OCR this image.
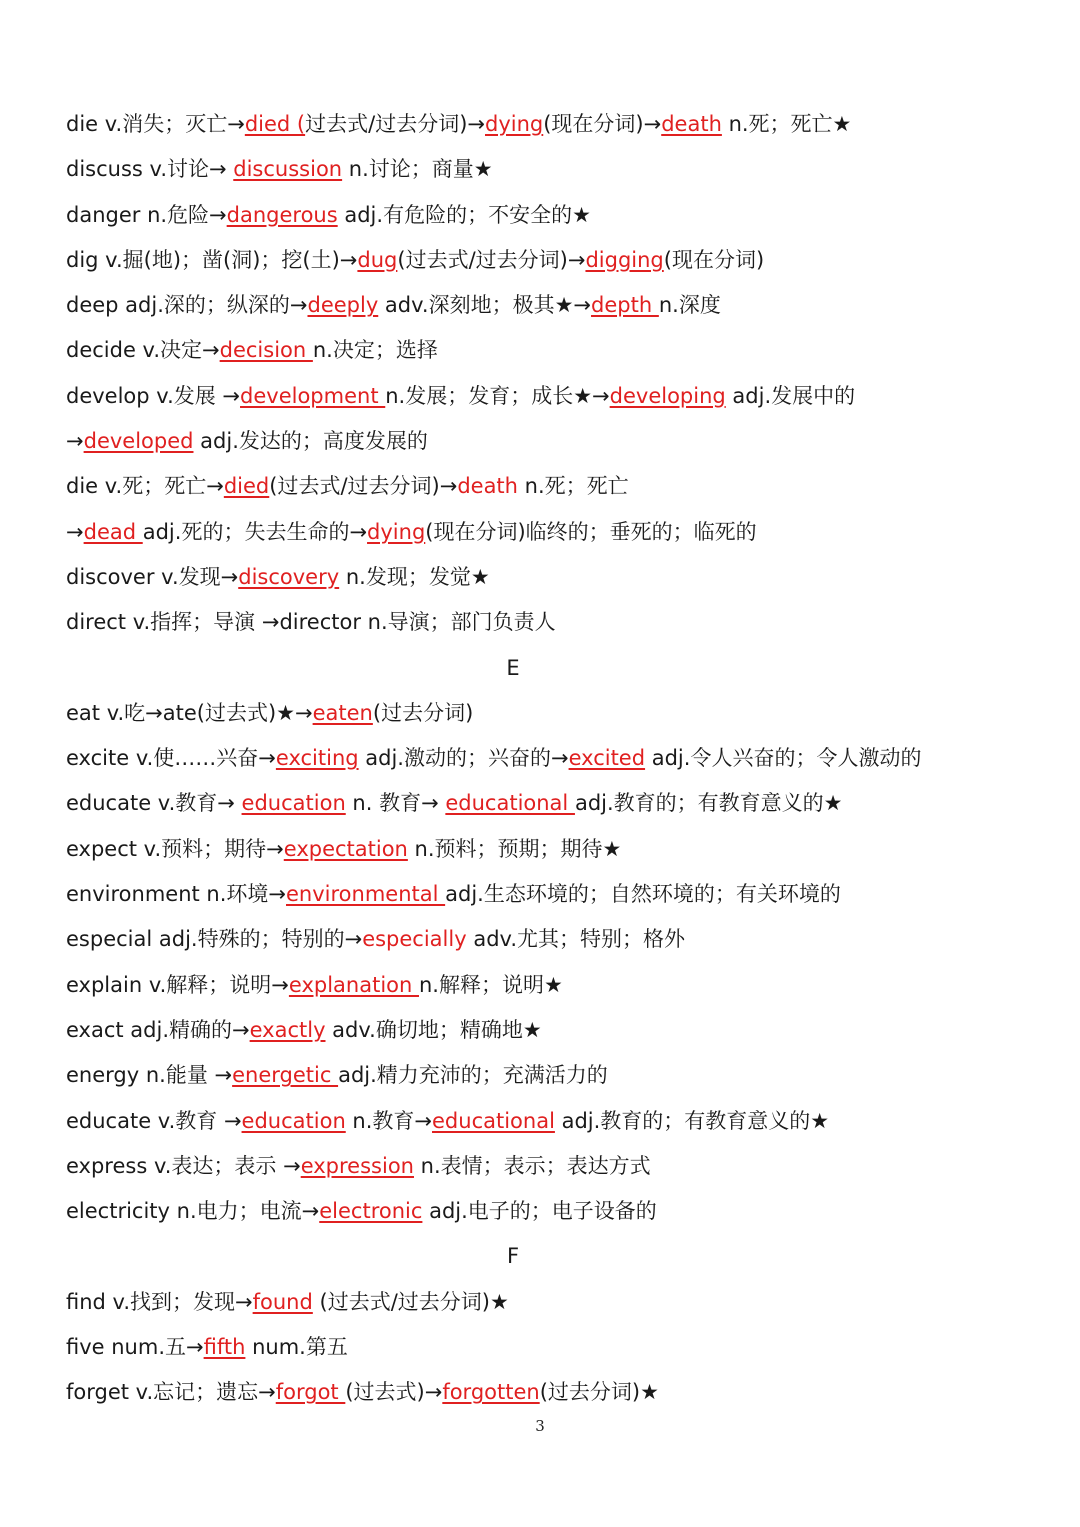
die v.消失；灭亡→died (过去式/过去分词)→dying(现在分词)→death n.死；死亡★
discuss v.讨论→ discussion n.讨论；商量★
danger n.危险→dangerous adj.有危险的；不安全的★
dig v.掘(地)；凿(洞)；挖(土)→dug(过去式/过去分词)→digging(现在分词)
deep adj.深的；纵深的→deeply adv.深刻地；极其★→depth n.深度
decide v.决定→decision n.决定；选择
develop v.发展 →development n.发展；发育；成长★→developing adj.发展中的
→developed adj.发达的；高度发展的
die v.死；死亡→died(过去式/过去分词)→death n.死；死亡
→dead adj.死的；失去生命的→dying(现在分词)临终的；垂死的；临死的
discover v.发现→discovery n.发现；发觉★
direct v.指挥；导演 →director n.导演；部门负责人
E
eat v.吃→ate(过去式)★→eaten(过去分词)
excite v.使……兴奋→exciting adj.激动的；兴奋的→excited adj.令人兴奋的；令人激动的
educate v.教育→ education n. 教育→ educational adj.教育的；有教育意义的★
expect v.预料；期待→expectation n.预料；预期；期待★
environment n.环境→environmental adj.生态环境的；自然环境的；有关环境的
especial adj.特殊的；特别的→especially adv.尤其；特别；格外
explain v.解释；说明→explanation n.解释；说明★
exact adj.精确的→exactly adv.确切地；精确地★
energy n.能量 →energetic adj.精力充沛的；充满活力的
educate v.教育 →education n.教育→educational adj.教育的；有教育意义的★
express v.表达；表示 →expression n.表情；表示；表达方式
electricity n.电力；电流→electronic adj.电子的；电子设备的
F
find v.找到；发现→found (过去式/过去分词)★
five num.五→fifth num.第五
forget v.忘记；遗忘→forgot (过去式)→forgotten(过去分词)★
3
